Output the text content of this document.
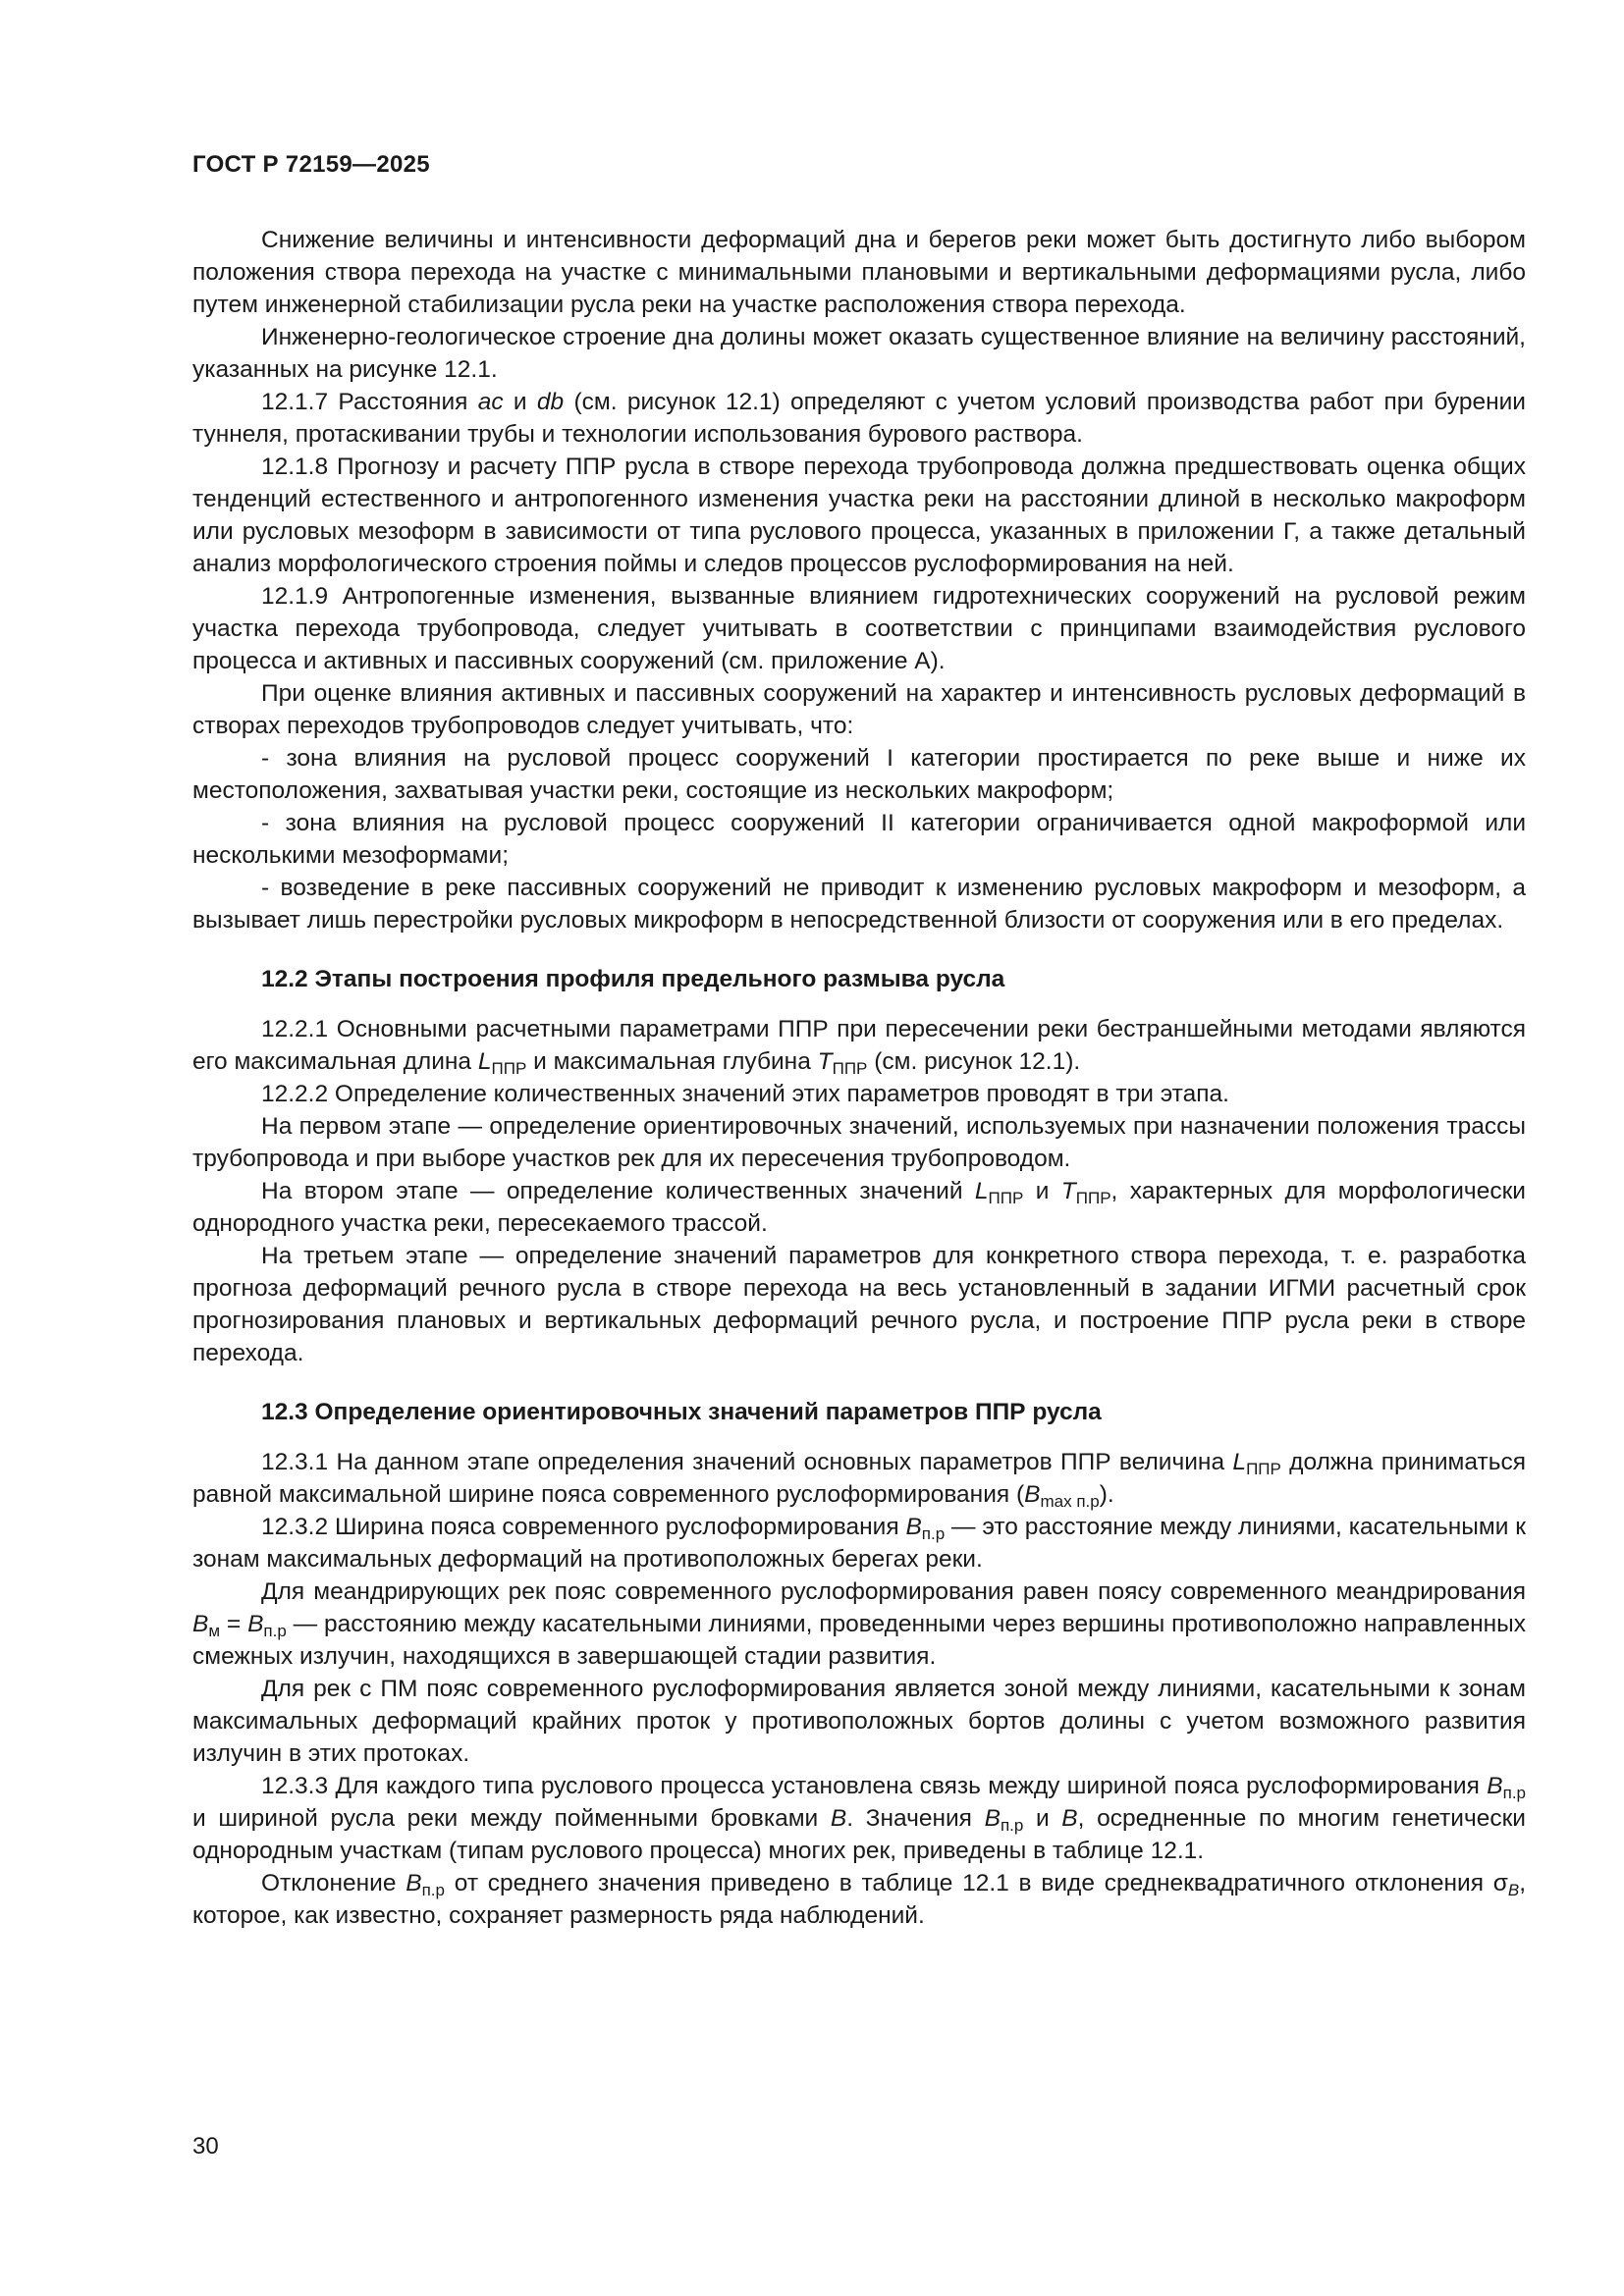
ГОСТ Р 72159—2025

Снижение величины и интенсивности деформаций дна и берегов реки может быть достигнуто либо выбором положения створа перехода на участке с минимальными плановыми и вертикальными деформациями русла, либо путем инженерной стабилизации русла реки на участке расположения створа перехода.

Инженерно-геологическое строение дна долины может оказать существенное влияние на величину расстояний, указанных на рисунке 12.1.

12.1.7 Расстояния ac и db (см. рисунок 12.1) определяют с учетом условий производства работ при бурении туннеля, протаскивании трубы и технологии использования бурового раствора.

12.1.8 Прогнозу и расчету ППР русла в створе перехода трубопровода должна предшествовать оценка общих тенденций естественного и антропогенного изменения участка реки на расстоянии длиной в несколько макроформ или русловых мезоформ в зависимости от типа руслового процесса, указанных в приложении Г, а также детальный анализ морфологического строения поймы и следов процессов руслоформирования на ней.

12.1.9 Антропогенные изменения, вызванные влиянием гидротехнических сооружений на русловой режим участка перехода трубопровода, следует учитывать в соответствии с принципами взаимодействия руслового процесса и активных и пассивных сооружений (см. приложение А).

При оценке влияния активных и пассивных сооружений на характер и интенсивность русловых деформаций в створах переходов трубопроводов следует учитывать, что:

- зона влияния на русловой процесс сооружений I категории простирается по реке выше и ниже их местоположения, захватывая участки реки, состоящие из нескольких макроформ;

- зона влияния на русловой процесс сооружений II категории ограничивается одной макроформой или несколькими мезоформами;

- возведение в реке пассивных сооружений не приводит к изменению русловых макроформ и мезоформ, а вызывает лишь перестройки русловых микроформ в непосредственной близости от сооружения или в его пределах.

12.2 Этапы построения профиля предельного размыва русла

12.2.1 Основными расчетными параметрами ППР при пересечении реки бестраншейными методами являются его максимальная длина $L_{ППР}$ и максимальная глубина $T_{ППР}$ (см. рисунок 12.1).

12.2.2 Определение количественных значений этих параметров проводят в три этапа.

На первом этапе — определение ориентировочных значений, используемых при назначении положения трассы трубопровода и при выборе участков рек для их пересечения трубопроводом.

На втором этапе — определение количественных значений $L_{ППР}$ и $T_{ППР}$, характерных для морфологически однородного участка реки, пересекаемого трассой.

На третьем этапе — определение значений параметров для конкретного створа перехода, т. е. разработка прогноза деформаций речного русла в створе перехода на весь установленный в задании ИГМИ расчетный срок прогнозирования плановых и вертикальных деформаций речного русла, и построение ППР русла реки в створе перехода.

12.3 Определение ориентировочных значений параметров ППР русла

12.3.1 На данном этапе определения значений основных параметров ППР величина $L_{ППР}$ должна приниматься равной максимальной ширине пояса современного руслоформирования $(B_{max п.р})$.

12.3.2 Ширина пояса современного руслоформирования $B_{п.р}$ — это расстояние между линиями, касательными к зонам максимальных деформаций на противоположных берегах реки.

Для меандрирующих рек пояс современного руслоформирования равен поясу современного меандрирования $B_м = B_{п.р}$ — расстоянию между касательными линиями, проведенными через вершины противоположно направленных смежных излучин, находящихся в завершающей стадии развития.

Для рек с ПМ пояс современного руслоформирования является зоной между линиями, касательными к зонам максимальных деформаций крайних проток у противоположных бортов долины с учетом возможного развития излучин в этих протоках.

12.3.3 Для каждого типа руслового процесса установлена связь между шириной пояса руслоформирования $B_{п.р}$ и шириной русла реки между пойменными бровками B. Значения $B_{п.р}$ и B, осредненные по многим генетически однородным участкам (типам руслового процесса) многих рек, приведены в таблице 12.1.

Отклонение $B_{п.р}$ от среднего значения приведено в таблице 12.1 в виде среднеквадратичного отклонения $\sigma_B$, которое, как известно, сохраняет размерность ряда наблюдений.

30
